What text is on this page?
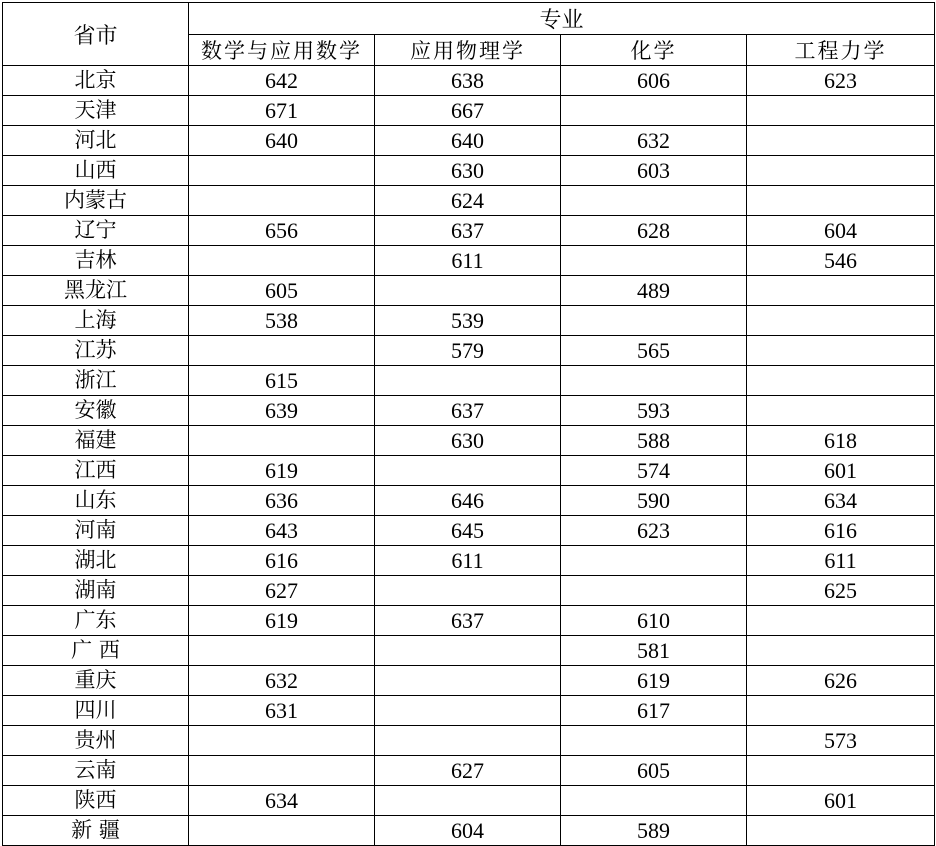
省市	专业			
	数学与应用数学	应用物理学	化学	工程力学
北京	642	638	606	623
天津	671	667		
河北	640	640	632	
山西		630	603	
内蒙古		624		
辽宁	656	637	628	604
吉林		611		546
黑龙江	605		489	
上海	538	539		
江苏		579	565	
浙江	615			
安徽	639	637	593	
福建		630	588	618
江西	619		574	601
山东	636	646	590	634
河南	643	645	623	616
湖北	616	611		611
湖南	627			625
广东	619	637	610	
广 西			581	
重庆	632		619	626
四川	631		617	
贵州				573
云南		627	605	
陕西	634			601
新 疆		604	589	
